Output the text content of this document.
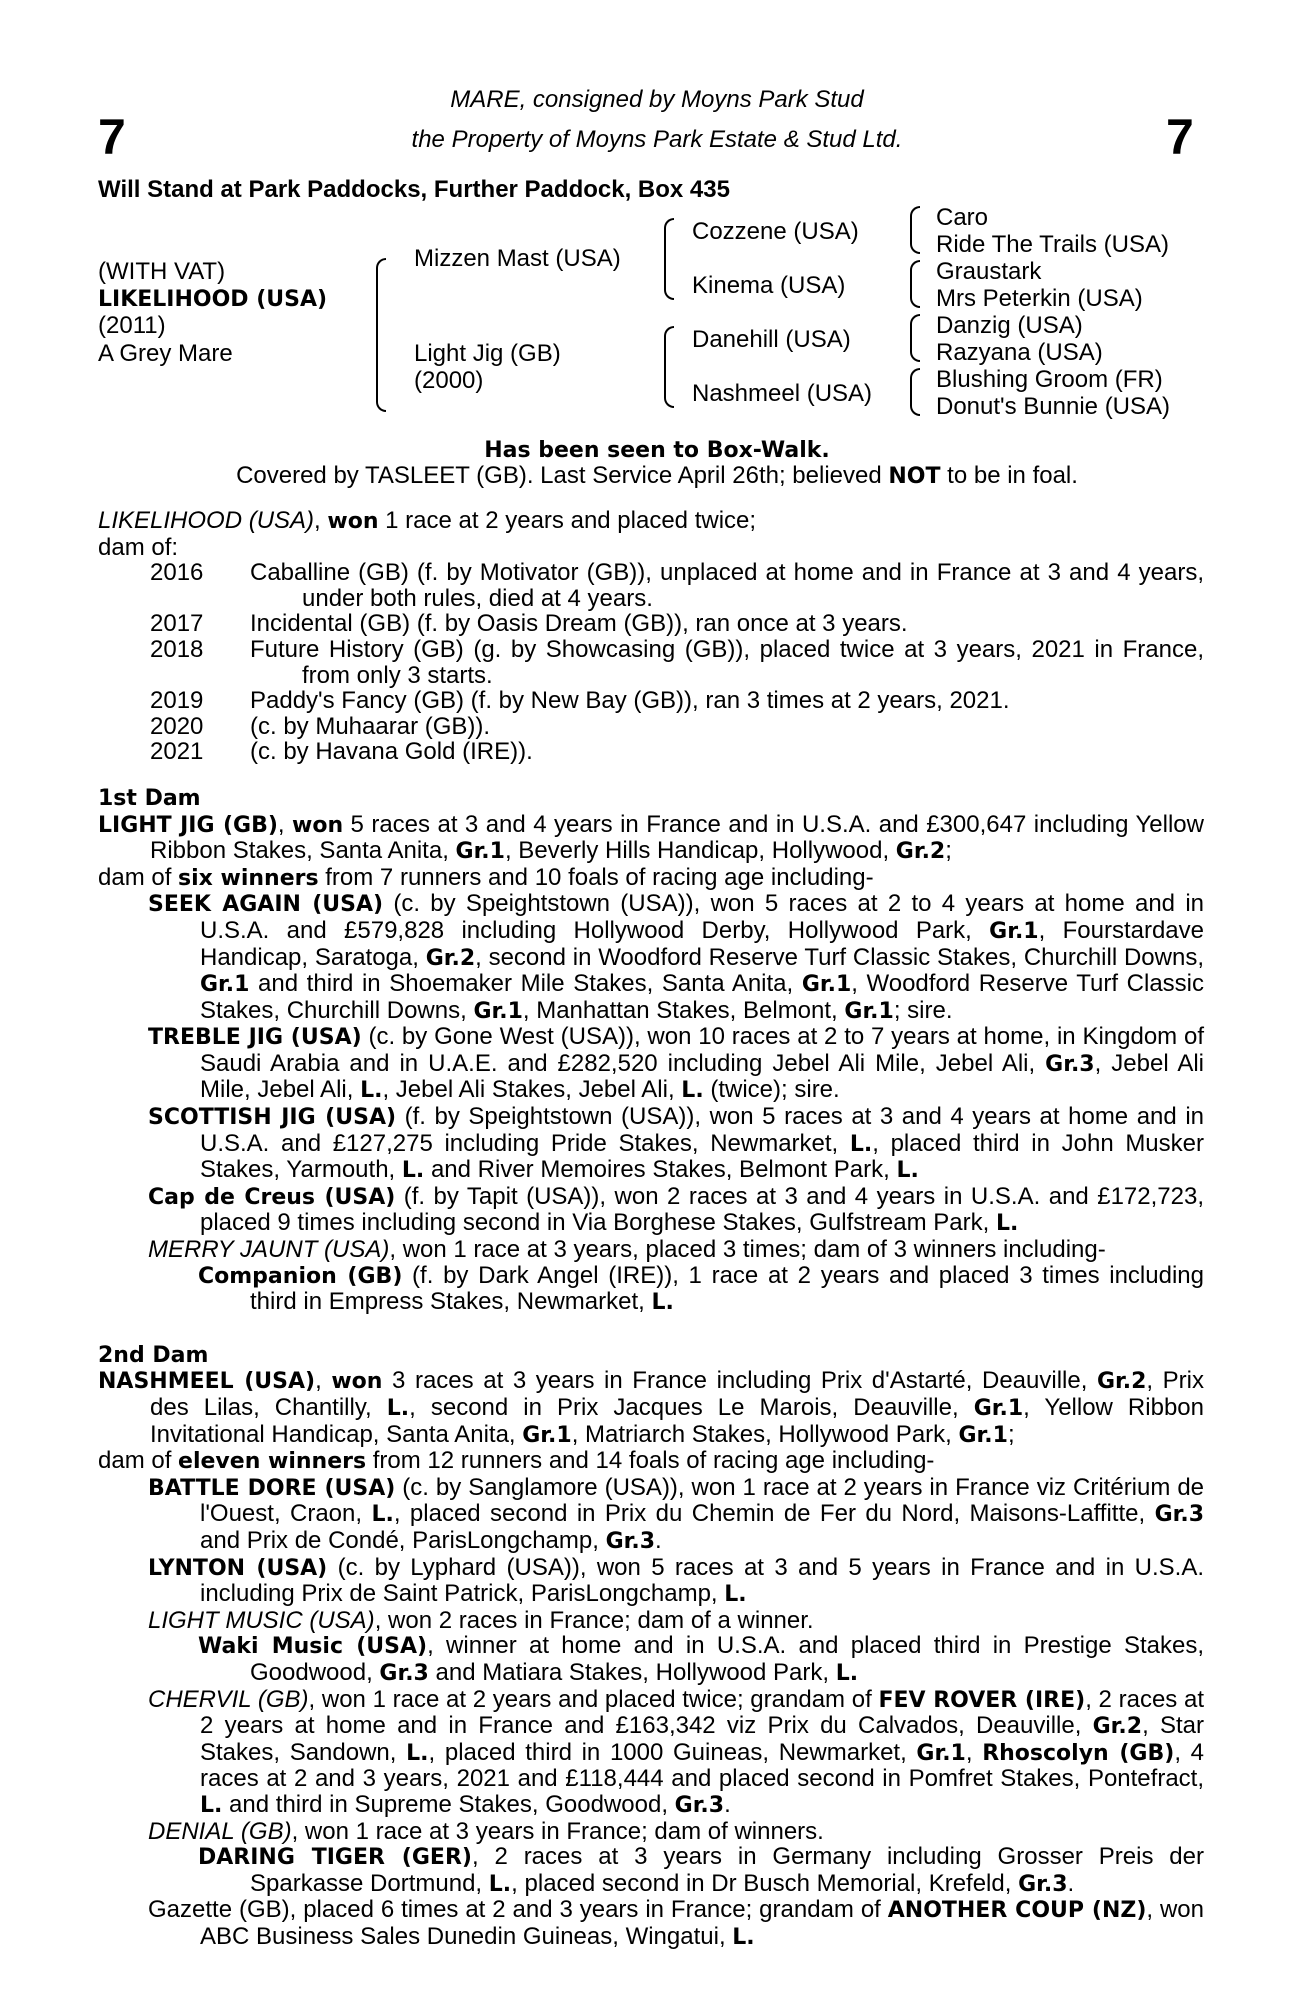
7	7
MARE, consigned by Moyns Park Stud
the Property of Moyns Park Estate & Stud Ltd.
Will Stand at Park Paddocks, Further Paddock, Box 435
(WITH VAT)
LIKELIHOOD (USA)
(2011)
A Grey Mare
Mizzen Mast (USA)
Light Jig (GB)
(2000)
Cozzene (USA)
Kinema (USA)
Danehill (USA)
Nashmeel (USA)
Caro
Ride The Trails (USA)
Graustark
Mrs Peterkin (USA)
Danzig (USA)
Razyana (USA)
Blushing Groom (FR)
Donut's Bunnie (USA)
Has been seen to Box-Walk.
Covered by TASLEET (GB). Last Service April 26th; believed NOT to be in foal.

LIKELIHOOD (USA), won 1 race at 2 years and placed twice;

dam of:

2016	Caballine (GB) (f. by Motivator (GB)), unplaced at home and in France at 3 and 4 years, under both rules, died at 4 years.
2017	Incidental (GB) (f. by Oasis Dream (GB)), ran once at 3 years.
2018	Future History (GB) (g. by Showcasing (GB)), placed twice at 3 years, 2021 in France, from only 3 starts.
2019	Paddy's Fancy (GB) (f. by New Bay (GB)), ran 3 times at 2 years, 2021.
2020	(c. by Muhaarar (GB)).
2021	(c. by Havana Gold (IRE)).

1st Dam

LIGHT JIG (GB), won 5 races at 3 and 4 years in France and in U.S.A. and £300,647 including Yellow Ribbon Stakes, Santa Anita, Gr.1, Beverly Hills Handicap, Hollywood, Gr.2;

dam of six winners from 7 runners and 10 foals of racing age including-

SEEK AGAIN (USA) (c. by Speightstown (USA)), won 5 races at 2 to 4 years at home and in U.S.A. and £579,828 including Hollywood Derby, Hollywood Park, Gr.1, Fourstardave Handicap, Saratoga, Gr.2, second in Woodford Reserve Turf Classic Stakes, Churchill Downs, Gr.1 and third in Shoemaker Mile Stakes, Santa Anita, Gr.1, Woodford Reserve Turf Classic Stakes, Churchill Downs, Gr.1, Manhattan Stakes, Belmont, Gr.1; sire.

TREBLE JIG (USA) (c. by Gone West (USA)), won 10 races at 2 to 7 years at home, in Kingdom of Saudi Arabia and in U.A.E. and £282,520 including Jebel Ali Mile, Jebel Ali, Gr.3, Jebel Ali Mile, Jebel Ali, L., Jebel Ali Stakes, Jebel Ali, L. (twice); sire.

SCOTTISH JIG (USA) (f. by Speightstown (USA)), won 5 races at 3 and 4 years at home and in U.S.A. and £127,275 including Pride Stakes, Newmarket, L., placed third in John Musker Stakes, Yarmouth, L. and River Memoires Stakes, Belmont Park, L.

Cap de Creus (USA) (f. by Tapit (USA)), won 2 races at 3 and 4 years in U.S.A. and £172,723, placed 9 times including second in Via Borghese Stakes, Gulfstream Park, L.

MERRY JAUNT (USA), won 1 race at 3 years, placed 3 times; dam of 3 winners including-

Companion (GB) (f. by Dark Angel (IRE)), 1 race at 2 years and placed 3 times including third in Empress Stakes, Newmarket, L.

2nd Dam

NASHMEEL (USA), won 3 races at 3 years in France including Prix d'Astarté, Deauville, Gr.2, Prix des Lilas, Chantilly, L., second in Prix Jacques Le Marois, Deauville, Gr.1, Yellow Ribbon Invitational Handicap, Santa Anita, Gr.1, Matriarch Stakes, Hollywood Park, Gr.1;

dam of eleven winners from 12 runners and 14 foals of racing age including-

BATTLE DORE (USA) (c. by Sanglamore (USA)), won 1 race at 2 years in France viz Critérium de l'Ouest, Craon, L., placed second in Prix du Chemin de Fer du Nord, Maisons-Laffitte, Gr.3 and Prix de Condé, ParisLongchamp, Gr.3.

LYNTON (USA) (c. by Lyphard (USA)), won 5 races at 3 and 5 years in France and in U.S.A. including Prix de Saint Patrick, ParisLongchamp, L.

LIGHT MUSIC (USA), won 2 races in France; dam of a winner.

Waki Music (USA), winner at home and in U.S.A. and placed third in Prestige Stakes, Goodwood, Gr.3 and Matiara Stakes, Hollywood Park, L.

CHERVIL (GB), won 1 race at 2 years and placed twice; grandam of FEV ROVER (IRE), 2 races at 2 years at home and in France and £163,342 viz Prix du Calvados, Deauville, Gr.2, Star Stakes, Sandown, L., placed third in 1000 Guineas, Newmarket, Gr.1, Rhoscolyn (GB), 4 races at 2 and 3 years, 2021 and £118,444 and placed second in Pomfret Stakes, Pontefract, L. and third in Supreme Stakes, Goodwood, Gr.3.

DENIAL (GB), won 1 race at 3 years in France; dam of winners.

DARING TIGER (GER), 2 races at 3 years in Germany including Grosser Preis der Sparkasse Dortmund, L., placed second in Dr Busch Memorial, Krefeld, Gr.3.

Gazette (GB), placed 6 times at 2 and 3 years in France; grandam of ANOTHER COUP (NZ), won ABC Business Sales Dunedin Guineas, Wingatui, L.
